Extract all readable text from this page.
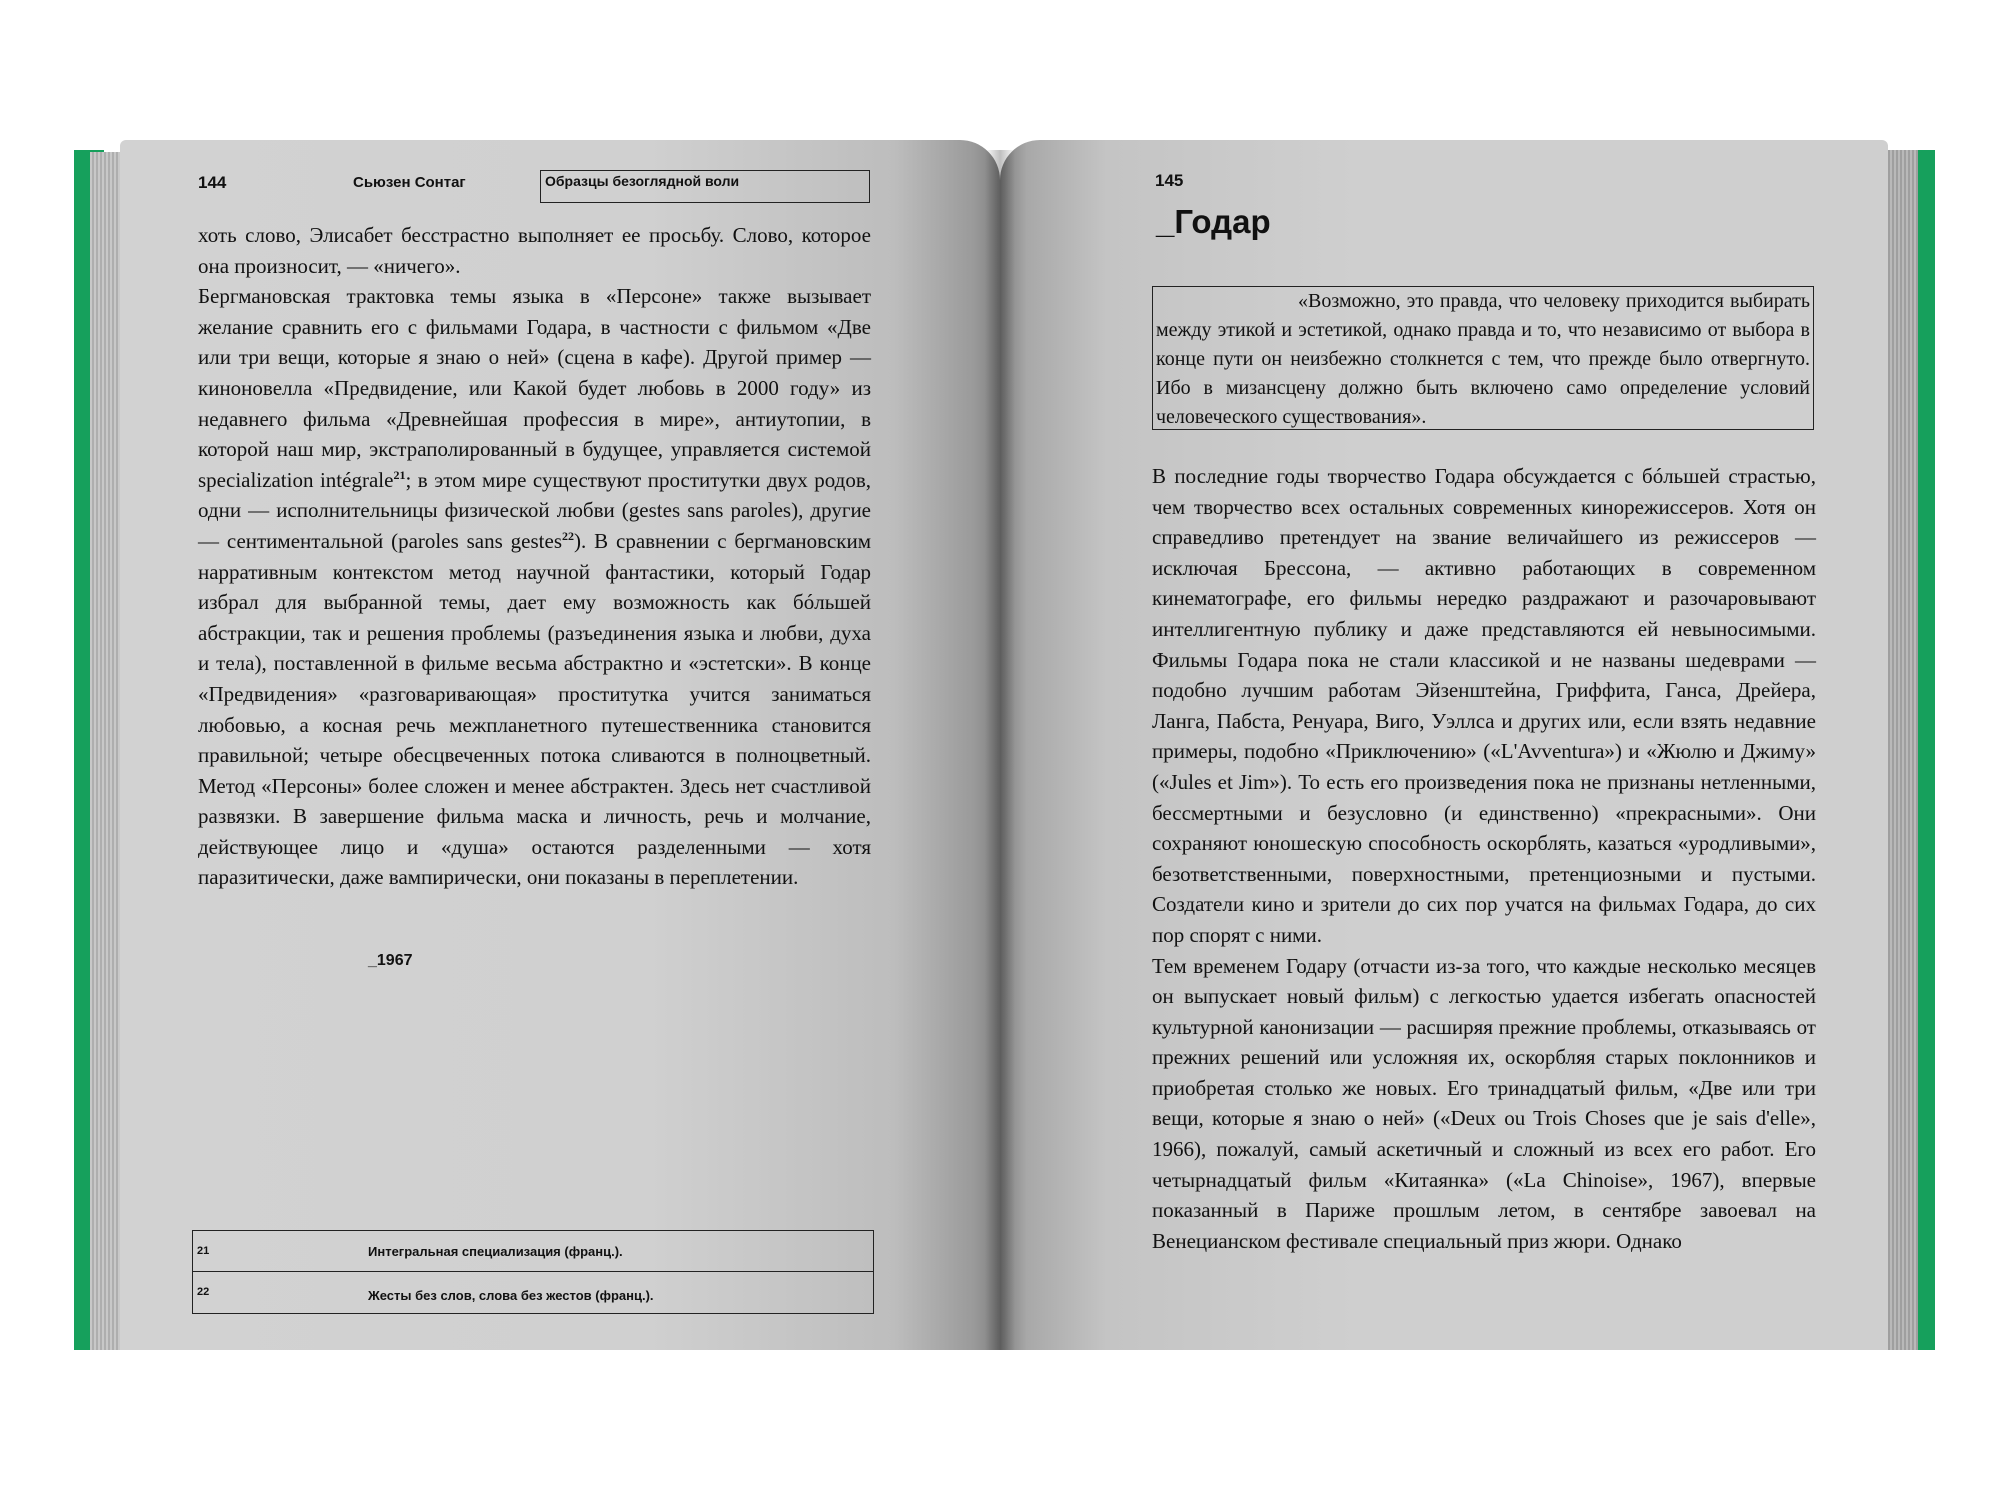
144	Сьюзен Сонтаг	Образцы безоглядной воли

хоть слово, Элисабет бесстрастно выполняет ее просьбу. Слово, которое она произносит, — «ничего».

Бергмановская трактовка темы языка в «Персоне» также вызывает желание сравнить его с фильмами Годара, в частности с фильмом «Две или три вещи, которые я знаю о ней» (сцена в кафе). Другой пример — киноновелла «Предвидение, или Какой будет любовь в 2000 году» из недавнего фильма «Древнейшая профессия в мире», антиутопии, в которой наш мир, экстраполированный в будущее, управляется системой specialization intégrale$^{21}$; в этом мире существуют проститутки двух родов, одни — исполнительницы физической любви (gestes sans paroles), другие — сентиментальной (paroles sans gestes$^{22}$). В сравнении с бергмановским нарративным контекстом метод научной фантастики, который Годар избрал для выбранной темы, дает ему возможность как бóльшей абстракции, так и решения проблемы (разъединения языка и любви, духа и тела), поставленной в фильме весьма абстрактно и «эстетски». В конце «Предвидения» «разговаривающая» проститутка учится заниматься любовью, а косная речь межпланетного путешественника становится правильной; четыре обесцвеченных потока сливаются в полноцветный. Метод «Персоны» более сложен и менее абстрактен. Здесь нет счастливой развязки. В завершение фильма маска и личность, речь и молчание, действующее лицо и «душа» остаются разделенными — хотя паразитически, даже вампирически, они показаны в переплетении.

_1967
21	Интегральная специализация (франц.).
22	Жесты без слов, слова без жестов (франц.).
145
_Годар

«Возможно, это правда, что человеку приходится выбирать между этикой и эстетикой, однако правда и то, что независимо от выбора в конце пути он неизбежно столкнется с тем, что прежде было отвергнуто. Ибо в мизансцену должно быть включено само определение условий человеческого существования».

В последние годы творчество Годара обсуждается с бóльшей страстью, чем творчество всех остальных современных кинорежиссеров. Хотя он справедливо претендует на звание величайшего из режиссеров — исключая Брессона, — активно работающих в современном кинематографе, его фильмы нередко раздражают и разочаровывают интеллигентную публику и даже представляются ей невыносимыми. Фильмы Годара пока не стали классикой и не названы шедеврами — подобно лучшим работам Эйзенштейна, Гриффита, Ганса, Дрейера, Ланга, Пабста, Ренуара, Виго, Уэллса и других или, если взять недавние примеры, подобно «Приключению» («L'Avventura») и «Жюлю и Джиму» («Jules et Jim»). То есть его произведения пока не признаны нетленными, бессмертными и безусловно (и единственно) «прекрасными». Они сохраняют юношескую способность оскорблять, казаться «уродливыми», безответственными, поверхностными, претенциозными и пустыми. Создатели кино и зрители до сих пор учатся на фильмах Годара, до сих пор спорят с ними.

Тем временем Годару (отчасти из-за того, что каждые несколько месяцев он выпускает новый фильм) с легкостью удается избегать опасностей культурной канонизации — расширяя прежние проблемы, отказываясь от прежних решений или усложняя их, оскорбляя старых поклонников и приобретая столько же новых. Его тринадцатый фильм, «Две или три вещи, которые я знаю о ней» («Deux ou Trois Choses que je sais d'elle», 1966), пожалуй, самый аскетичный и сложный из всех его работ. Его четырнадцатый фильм «Китаянка» («La Chinoise», 1967), впервые показанный в Париже прошлым летом, в сентябре завоевал на Венецианском фестивале специальный приз жюри. Однако
